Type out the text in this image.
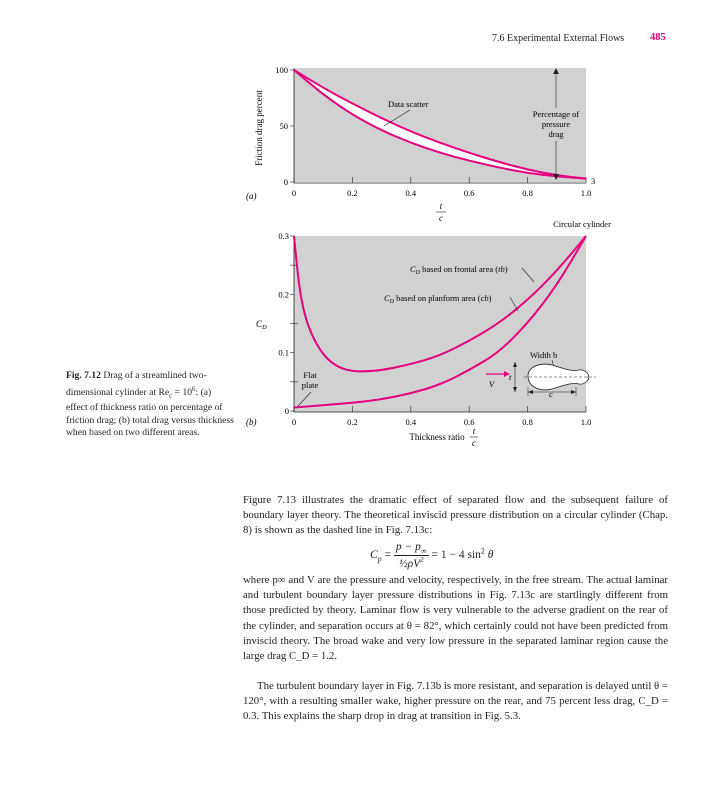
7.6 Experimental External Flows 485
100
50
0
0	0.2	0.4	0.6	0.8	1.0
Friction drag percent
(a)
t
c
Data scatter
Percentage of
pressure
drag
3
0.3
0.2
0.1
0
0	0.2	0.4	0.6	0.8	1.0
$C_D$
(b)
Thickness ratio
t
c
Circular cylinder
$C_D$ based on frontal area (tb)
$C_D$ based on planform area (cb)
Flat
plate
Width b
t
c
V
Fig. 7.12 Drag of a streamlined two-dimensional cylinder at $Re_c = 10^6$: (a) effect of thickness ratio on percentage of friction drag; (b) total drag versus thickness when based on two different areas.

Figure 7.13 illustrates the dramatic effect of separated flow and the subsequent failure of boundary layer theory. The theoretical inviscid pressure distribution on a circular cylinder (Chap. 8) is shown as the dashed line in Fig. 7.13c:

$C_p = \frac{p - p_\infty}{\frac{1}{2}\rho V^2} = 1 - 4$ $\sin^2 \theta$

where p∞ and V are the pressure and velocity, respectively, in the free stream. The actual laminar and turbulent boundary layer pressure distributions in Fig. 7.13c are startlingly different from those predicted by theory. Laminar flow is very vulnerable to the adverse gradient on the rear of the cylinder, and separation occurs at θ = 82°, which certainly could not have been predicted from inviscid theory. The broad wake and very low pressure in the separated laminar region cause the large drag C_D = 1.2.

The turbulent boundary layer in Fig. 7.13b is more resistant, and separation is delayed until θ = 120°, with a resulting smaller wake, higher pressure on the rear, and 75 percent less drag, C_D = 0.3. This explains the sharp drop in drag at transition in Fig. 5.3.
